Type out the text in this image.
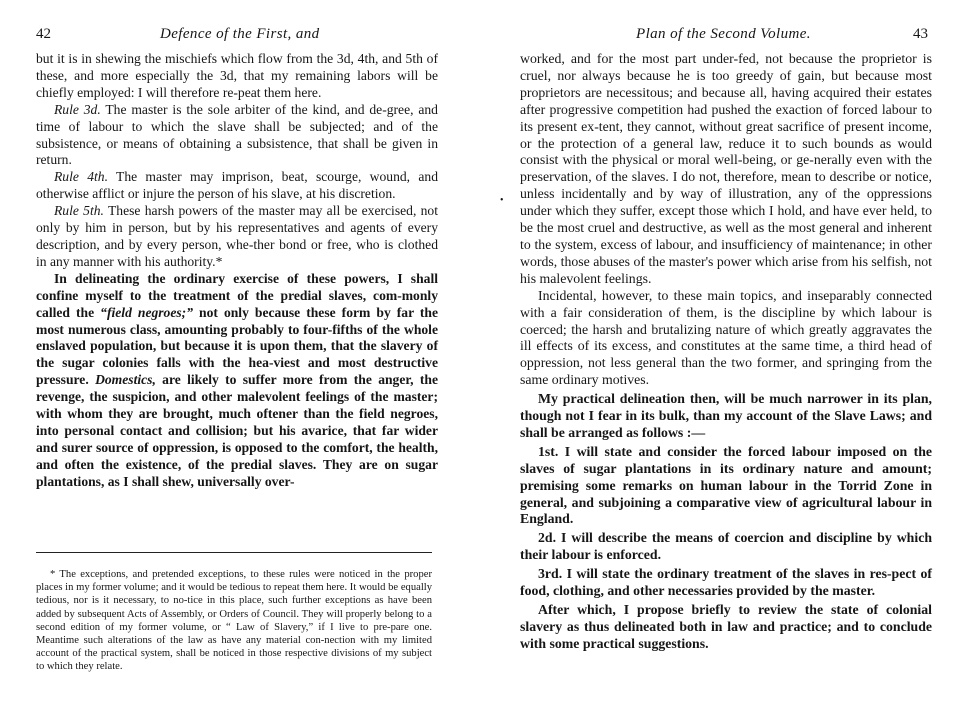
42	Defence of the First, and

but it is in shewing the mischiefs which flow from the 3d, 4th, and 5th of these, and more especially the 3d, that my remaining labors will be chiefly employed: I will therefore re-peat them here.

Rule 3d. The master is the sole arbiter of the kind, and de-gree, and time of labour to which the slave shall be subjected; and of the subsistence, or means of obtaining a subsistence, that shall be given in return.

Rule 4th. The master may imprison, beat, scourge, wound, and otherwise afflict or injure the person of his slave, at his discretion.

Rule 5th. These harsh powers of the master may all be exercised, not only by him in person, but by his representatives and agents of every description, and by every person, whe-ther bond or free, who is clothed in any manner with his authority.*

In delineating the ordinary exercise of these powers, I shall confine myself to the treatment of the predial slaves, com-monly called the “field negroes;” not only because these form by far the most numerous class, amounting probably to four-fifths of the whole enslaved population, but because it is upon them, that the slavery of the sugar colonies falls with the hea-viest and most destructive pressure. Domestics, are likely to suffer more from the anger, the revenge, the suspicion, and other malevolent feelings of the master; with whom they are brought, much oftener than the field negroes, into personal contact and collision; but his avarice, that far wider and surer source of oppression, is opposed to the comfort, the health, and often the existence, of the predial slaves. They are on sugar plantations, as I shall shew, universally over-

* The exceptions, and pretended exceptions, to these rules were noticed in the proper places in my former volume; and it would be tedious to repeat them here. It would be equally tedious, nor is it necessary, to no-tice in this place, such further exceptions as have been added by subsequent Acts of Assembly, or Orders of Council. They will properly belong to a second edition of my former volume, or “ Law of Slavery,” if I live to pre-pare one. Meantime such alterations of the law as have any material con-nection with my limited account of the practical system, shall be noticed in those respective divisions of my subject to which they relate.
Plan of the Second Volume.	43

worked, and for the most part under-fed, not because the proprietor is cruel, nor always because he is too greedy of gain, but because most proprietors are necessitous; and because all, having acquired their estates after progressive competition had pushed the exaction of forced labour to its present ex-tent, they cannot, without great sacrifice of present income, or the protection of a general law, reduce it to such bounds as would consist with the physical or moral well-being, or ge-nerally even with the preservation, of the slaves. I do not, therefore, mean to describe or notice, unless incidentally and by way of illustration, any of the oppressions under which they suffer, except those which I hold, and have ever held, to be the most cruel and destructive, as well as the most general and inherent to the system, excess of labour, and insufficiency of maintenance; in other words, those abuses of the master's power which arise from his selfish, not his malevolent feelings.

Incidental, however, to these main topics, and inseparably connected with a fair consideration of them, is the discipline by which labour is coerced; the harsh and brutalizing nature of which greatly aggravates the ill effects of its excess, and constitutes at the same time, a third head of oppression, not less general than the two former, and springing from the same ordinary motives.

My practical delineation then, will be much narrower in its plan, though not I fear in its bulk, than my account of the Slave Laws; and shall be arranged as follows :—

1st. I will state and consider the forced labour imposed on the slaves of sugar plantations in its ordinary nature and amount; premising some remarks on human labour in the Torrid Zone in general, and subjoining a comparative view of agricultural labour in England.

2d. I will describe the means of coercion and discipline by which their labour is enforced.

3rd. I will state the ordinary treatment of the slaves in res-pect of food, clothing, and other necessaries provided by the master.

After which, I propose briefly to review the state of colonial slavery as thus delineated both in law and practice; and to conclude with some practical suggestions.

•
